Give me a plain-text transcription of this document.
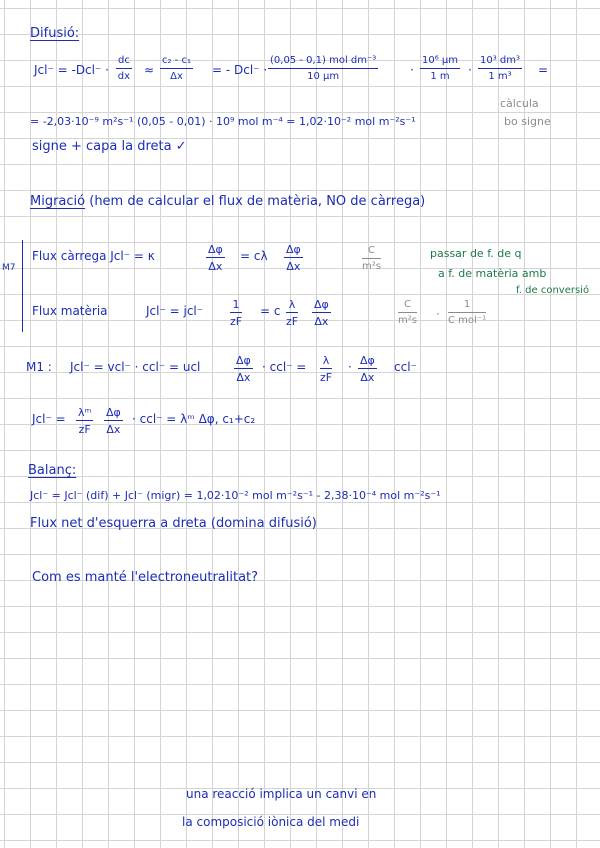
Difusió:
$Jcl^- = -Dcl^- \cdot \frac{dc}{dx} \approx \frac{\text{c₂ - c₁}}{\Delta x}$ = - Dcl⁻ ·
(0,05 - 0,1) mol dm⁻³
10 μm	· $\frac{\text{10⁶ μm}}{1 m} \cdot \frac{\text{10³ dm³}}{\text{1 m³}}$ =
= -2,03·10⁻⁹ m²s⁻¹ (0,05 - 0,01) · 10⁹ mol m⁻⁴ = 1,02·10⁻² mol m⁻²s⁻¹
càlcula
bo signe
signe + capa la dreta ✓
Migració (hem de calcular el flux de matèria, NO de càrrega)
M7
Flux càrrega Jcl⁻ = κ	$\frac{\Delta\varphi}{\Delta x} = c\lambda \frac{\Delta\varphi}{\Delta x}$	$\frac{C}{\text{m²s}}$	passar de f. de q
a f. de matèria amb
f. de conversió
Flux matèria	$Jcl^- = jcl^- \frac{1}{zF} = c \frac{\lambda}{zF} \frac{\Delta\varphi}{\Delta x}$	$\frac{C}{\text{m²s}}$ ·
1
C mol⁻¹
M1 : Jcl⁻ = vcl⁻ · ccl⁻ = ucl	$\frac{\Delta\varphi}{\Delta x} \cdot ccl^- = \frac{\lambda}{zF} \cdot \frac{\Delta\varphi}{\Delta x} ccl^-$
$Jcl^- = \frac{\text{λᵐ}}{zF} \frac{\Delta\varphi}{\Delta x} \cdot ccl^-$ = λᵐ Δφ, c₁+c₂
Balanç:
Jcl⁻ = Jcl⁻ (dif) + Jcl⁻ (migr) = 1,02·10⁻² mol m⁻²s⁻¹ - 2,38·10⁻⁴ mol m⁻²s⁻¹
Flux net d'esquerra a dreta (domina difusió)
Com es manté l'electroneutralitat?
una reacció implica un canvi en
la composició iònica del medi
